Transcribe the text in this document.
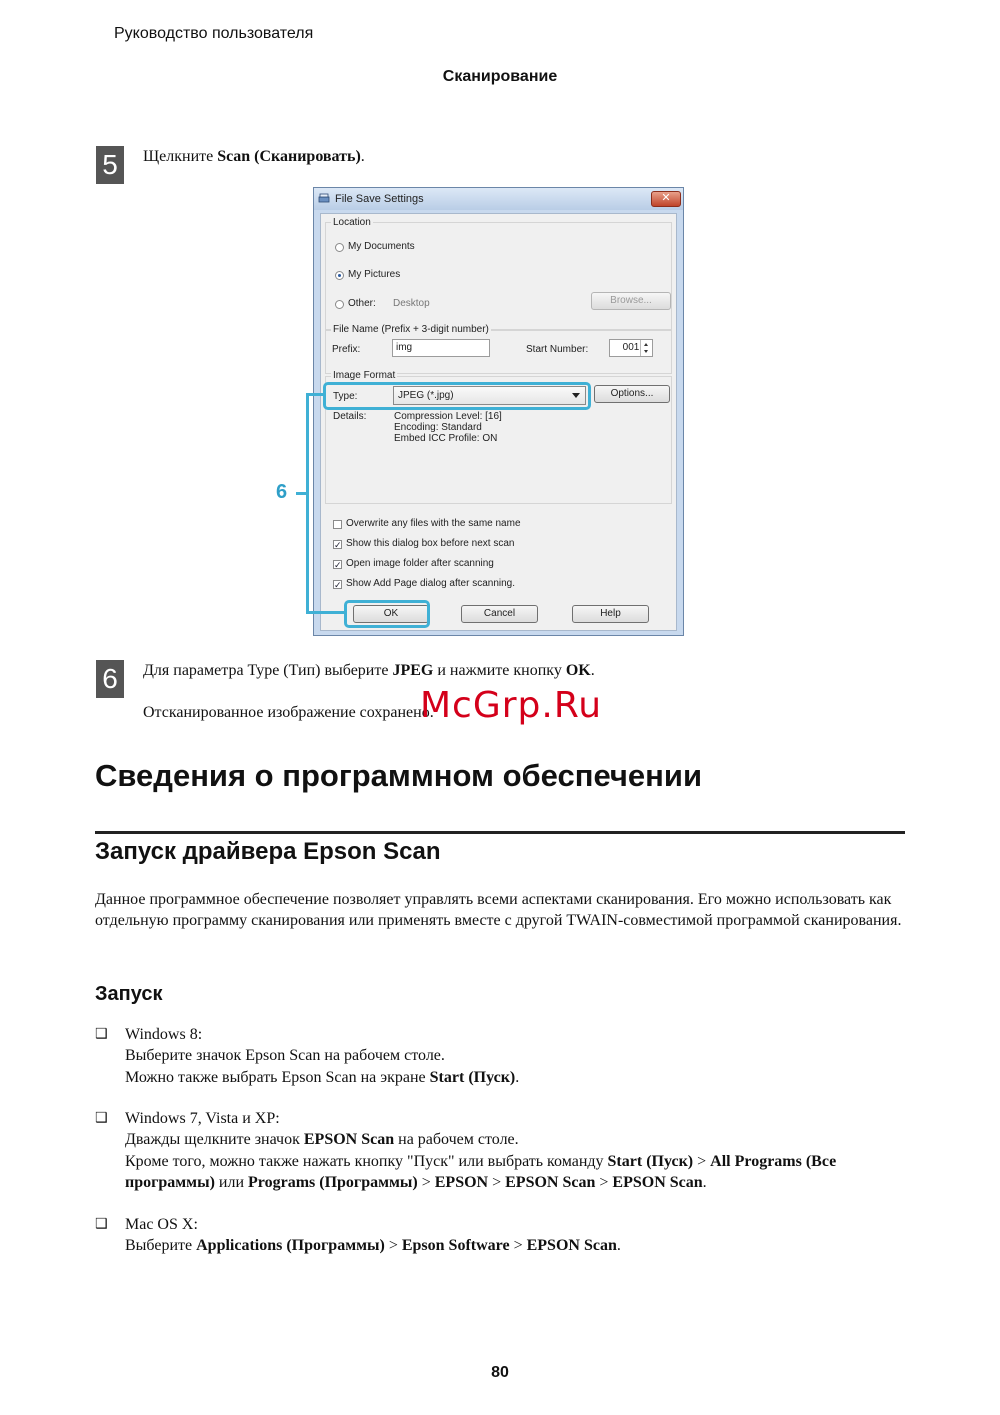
Руководство пользователя
Сканирование
5	Щелкните Scan (Сканировать).
File Save Settings	✕
Location
My Documents
My Pictures
Other: Desktop	Browse...
File Name (Prefix + 3-digit number)
Prefix:	img	Start Number:	001
Image Format
Type:	JPEG (*.jpg)	Options...
Details:	Compression Level: [16]
Encoding: Standard
Embed ICC Profile: ON
Overwrite any files with the same name
✓ Show this dialog box before next scan
✓ Open image folder after scanning
✓ Show Add Page dialog after scanning.
OK	Cancel	Help
6
6	Для параметра Type (Тип) выберите JPEG и нажмите кнопку OK.
Отсканированное изображение сохранено.
McGrp.Ru
Сведения о программном обеспечении
Запуск драйвера Epson Scan
Данное программное обеспечение позволяет управлять всеми аспектами сканирования. Его можно использовать как отдельную программу сканирования или применять вместе с другой TWAIN-совместимой программой сканирования.
Запуск
❑ Windows 8:
Выберите значок Epson Scan на рабочем столе.
Можно также выбрать Epson Scan на экране Start (Пуск).
❑ Windows 7, Vista и XP:
Дважды щелкните значок EPSON Scan на рабочем столе.
Кроме того, можно также нажать кнопку "Пуск" или выбрать команду Start (Пуск) > All Programs (Все программы) или Programs (Программы) > EPSON > EPSON Scan > EPSON Scan.
❑ Mac OS X:
Выберите Applications (Программы) > Epson Software > EPSON Scan.
80
